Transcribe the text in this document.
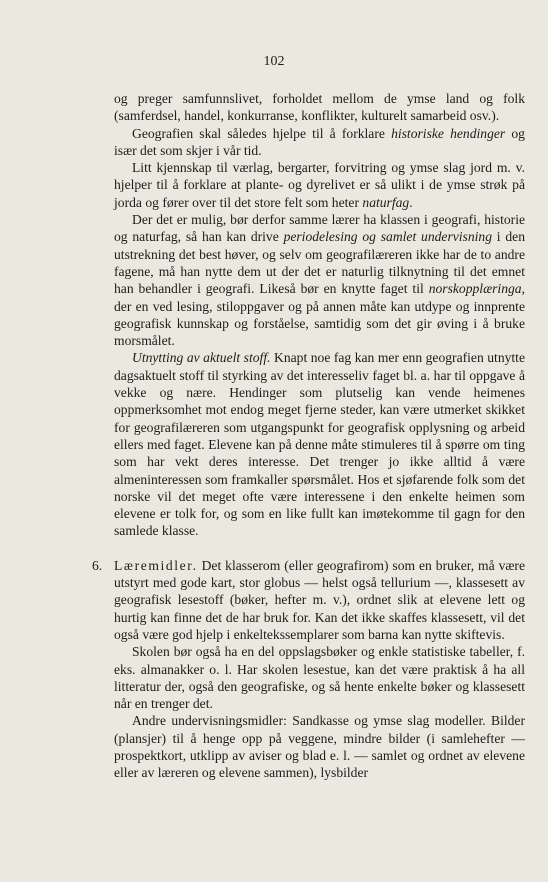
102

og preger samfunnslivet, forholdet mellom de ymse land og folk (samferdsel, handel, konkurranse, konflikter, kulturelt samarbeid osv.).

Geografien skal således hjelpe til å forklare historiske hendinger og især det som skjer i vår tid.

Litt kjennskap til værlag, bergarter, forvitring og ymse slag jord m. v. hjelper til å forklare at plante- og dyrelivet er så ulikt i de ymse strøk på jorda og fører over til det store felt som heter naturfag.

Der det er mulig, bør derfor samme lærer ha klassen i geografi, historie og naturfag, så han kan drive periodelesing og samlet undervisning i den utstrekning det best høver, og selv om geografilæreren ikke har de to andre fagene, må han nytte dem ut der det er naturlig tilknytning til det emnet han behandler i geografi. Likeså bør en knytte faget til norskopplæringa, der en ved lesing, stiloppgaver og på annen måte kan utdype og innprente geografisk kunnskap og forståelse, samtidig som det gir øving i å bruke morsmålet.

Utnytting av aktuelt stoff. Knapt noe fag kan mer enn geografien utnytte dagsaktuelt stoff til styrking av det interesseliv faget bl. a. har til oppgave å vekke og nære. Hendinger som plutselig kan vende heimenes oppmerksomhet mot endog meget fjerne steder, kan være utmerket skikket for geografilæreren som utgangspunkt for geografisk opplysning og arbeid ellers med faget. Elevene kan på denne måte stimuleres til å spørre om ting som har vekt deres interesse. Det trenger jo ikke alltid å være almeninteressen som framkaller spørsmålet. Hos et sjøfarende folk som det norske vil det meget ofte være interessene i den enkelte heimen som elevene er tolk for, og som en like fullt kan imøtekomme til gagn for den samlede klasse.

6. Læremidler. Det klasserom (eller geografirom) som en bruker, må være utstyrt med gode kart, stor globus — helst også tellurium —, klassesett av geografisk lesestoff (bøker, hefter m. v.), ordnet slik at elevene lett og hurtig kan finne det de har bruk for. Kan det ikke skaffes klassesett, vil det også være god hjelp i enkeltekssemplarer som barna kan nytte skiftevis.

Skolen bør også ha en del oppslagsbøker og enkle statistiske tabeller, f. eks. almanakker o. l. Har skolen lesestue, kan det være praktisk å ha all litteratur der, også den geografiske, og så hente enkelte bøker og klassesett når en trenger det.

Andre undervisningsmidler: Sandkasse og ymse slag modeller. Bilder (plansjer) til å henge opp på veggene, mindre bilder (i samlehefter — prospektkort, utklipp av aviser og blad e. l. — samlet og ordnet av elevene eller av læreren og elevene sammen), lysbilder
